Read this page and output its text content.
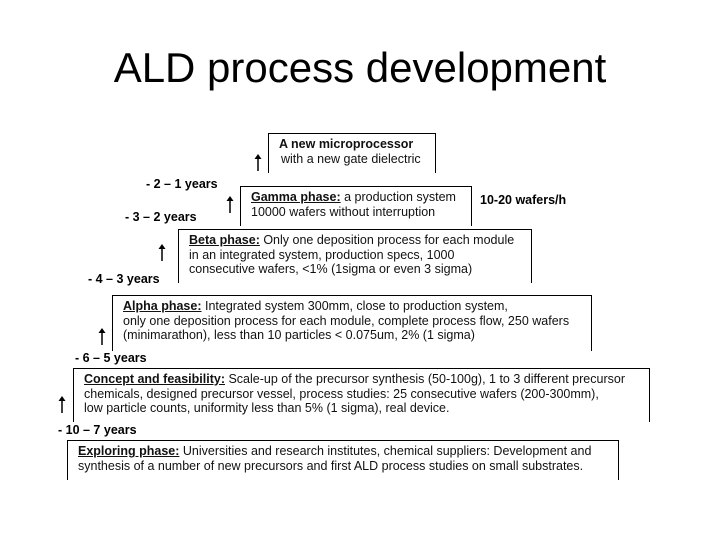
ALD process development
A new microprocessor
with a new gate dielectric
Gamma phase: a production system
10000 wafers without interruption
10-20 wafers/h
Beta phase: Only one deposition process for each module
in an integrated system, production specs, 1000
consecutive wafers, <1% (1sigma or even 3 sigma)
Alpha phase: Integrated system 300mm, close to production system,
only one deposition process for each module, complete process flow, 250 wafers
(minimarathon), less than 10 particles < 0.075um, 2% (1 sigma)
Concept and feasibility: Scale-up of the precursor synthesis (50-100g), 1 to 3 different precursor
chemicals, designed precursor vessel, process studies: 25 consecutive wafers (200-300mm),
low particle counts, uniformity less than 5% (1 sigma), real device.
Exploring phase: Universities and research institutes, chemical suppliers: Development and
synthesis of a number of new precursors and first ALD process studies on small substrates.
- 2 – 1 years
- 3 – 2 years
- 4 – 3 years
- 6 – 5 years
- 10 – 7 years
